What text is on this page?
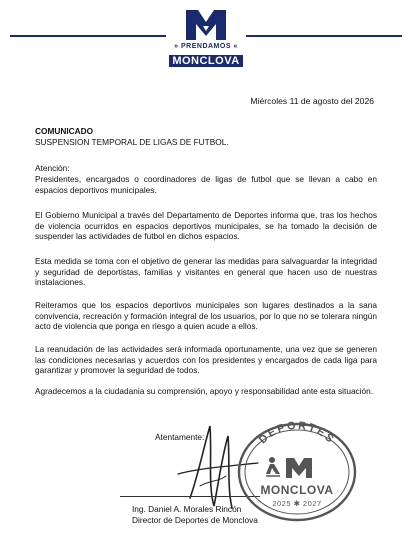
» PRENDAMOS «
MONCLOVA
Miércoles 11 de agosto del 2026
COMUNICADO
SUSPENSION TEMPORAL DE LIGAS DE FUTBOL.
Atención:
Presidentes, encargados o coordinadores de ligas de futbol que se llevan a cabo en espacios deportivos municipales.
El Gobierno Municipal a través del Departamento de Deportes informa que, tras los hechos de violencia ocurridos en espacios deportivos municipales, se ha tomado la decisión de suspender las actividades de futbol en dichos espacios.
Esta medida se toma con el objetivo de generar las medidas para salvaguardar la integridad y seguridad de deportistas, familias y visitantes en general que hacen uso de nuestras instalaciones.
Reiteramos que los espacios deportivos municipales son lugares destinados a la sana convivencia, recreación y formación integral de los usuarios, por lo que no se tolerara ningún acto de violencia que ponga en riesgo a quien acude a ellos.
La reanudación de las actividades será informada oportunamente, una vez que se generen las condiciones necesarias y acuerdos con los presidentes y encargados de cada liga para garantizar y promover la seguridad de todos.
Agradecemos a la ciudadania su comprensión, apoyo y responsabilidad ante esta situación.
Atentamente:
Ing. Daniel A. Morales Rincón
Director de Deportes de Monclova
DEPORTES
MONCLOVA
2025 ✱ 2027
